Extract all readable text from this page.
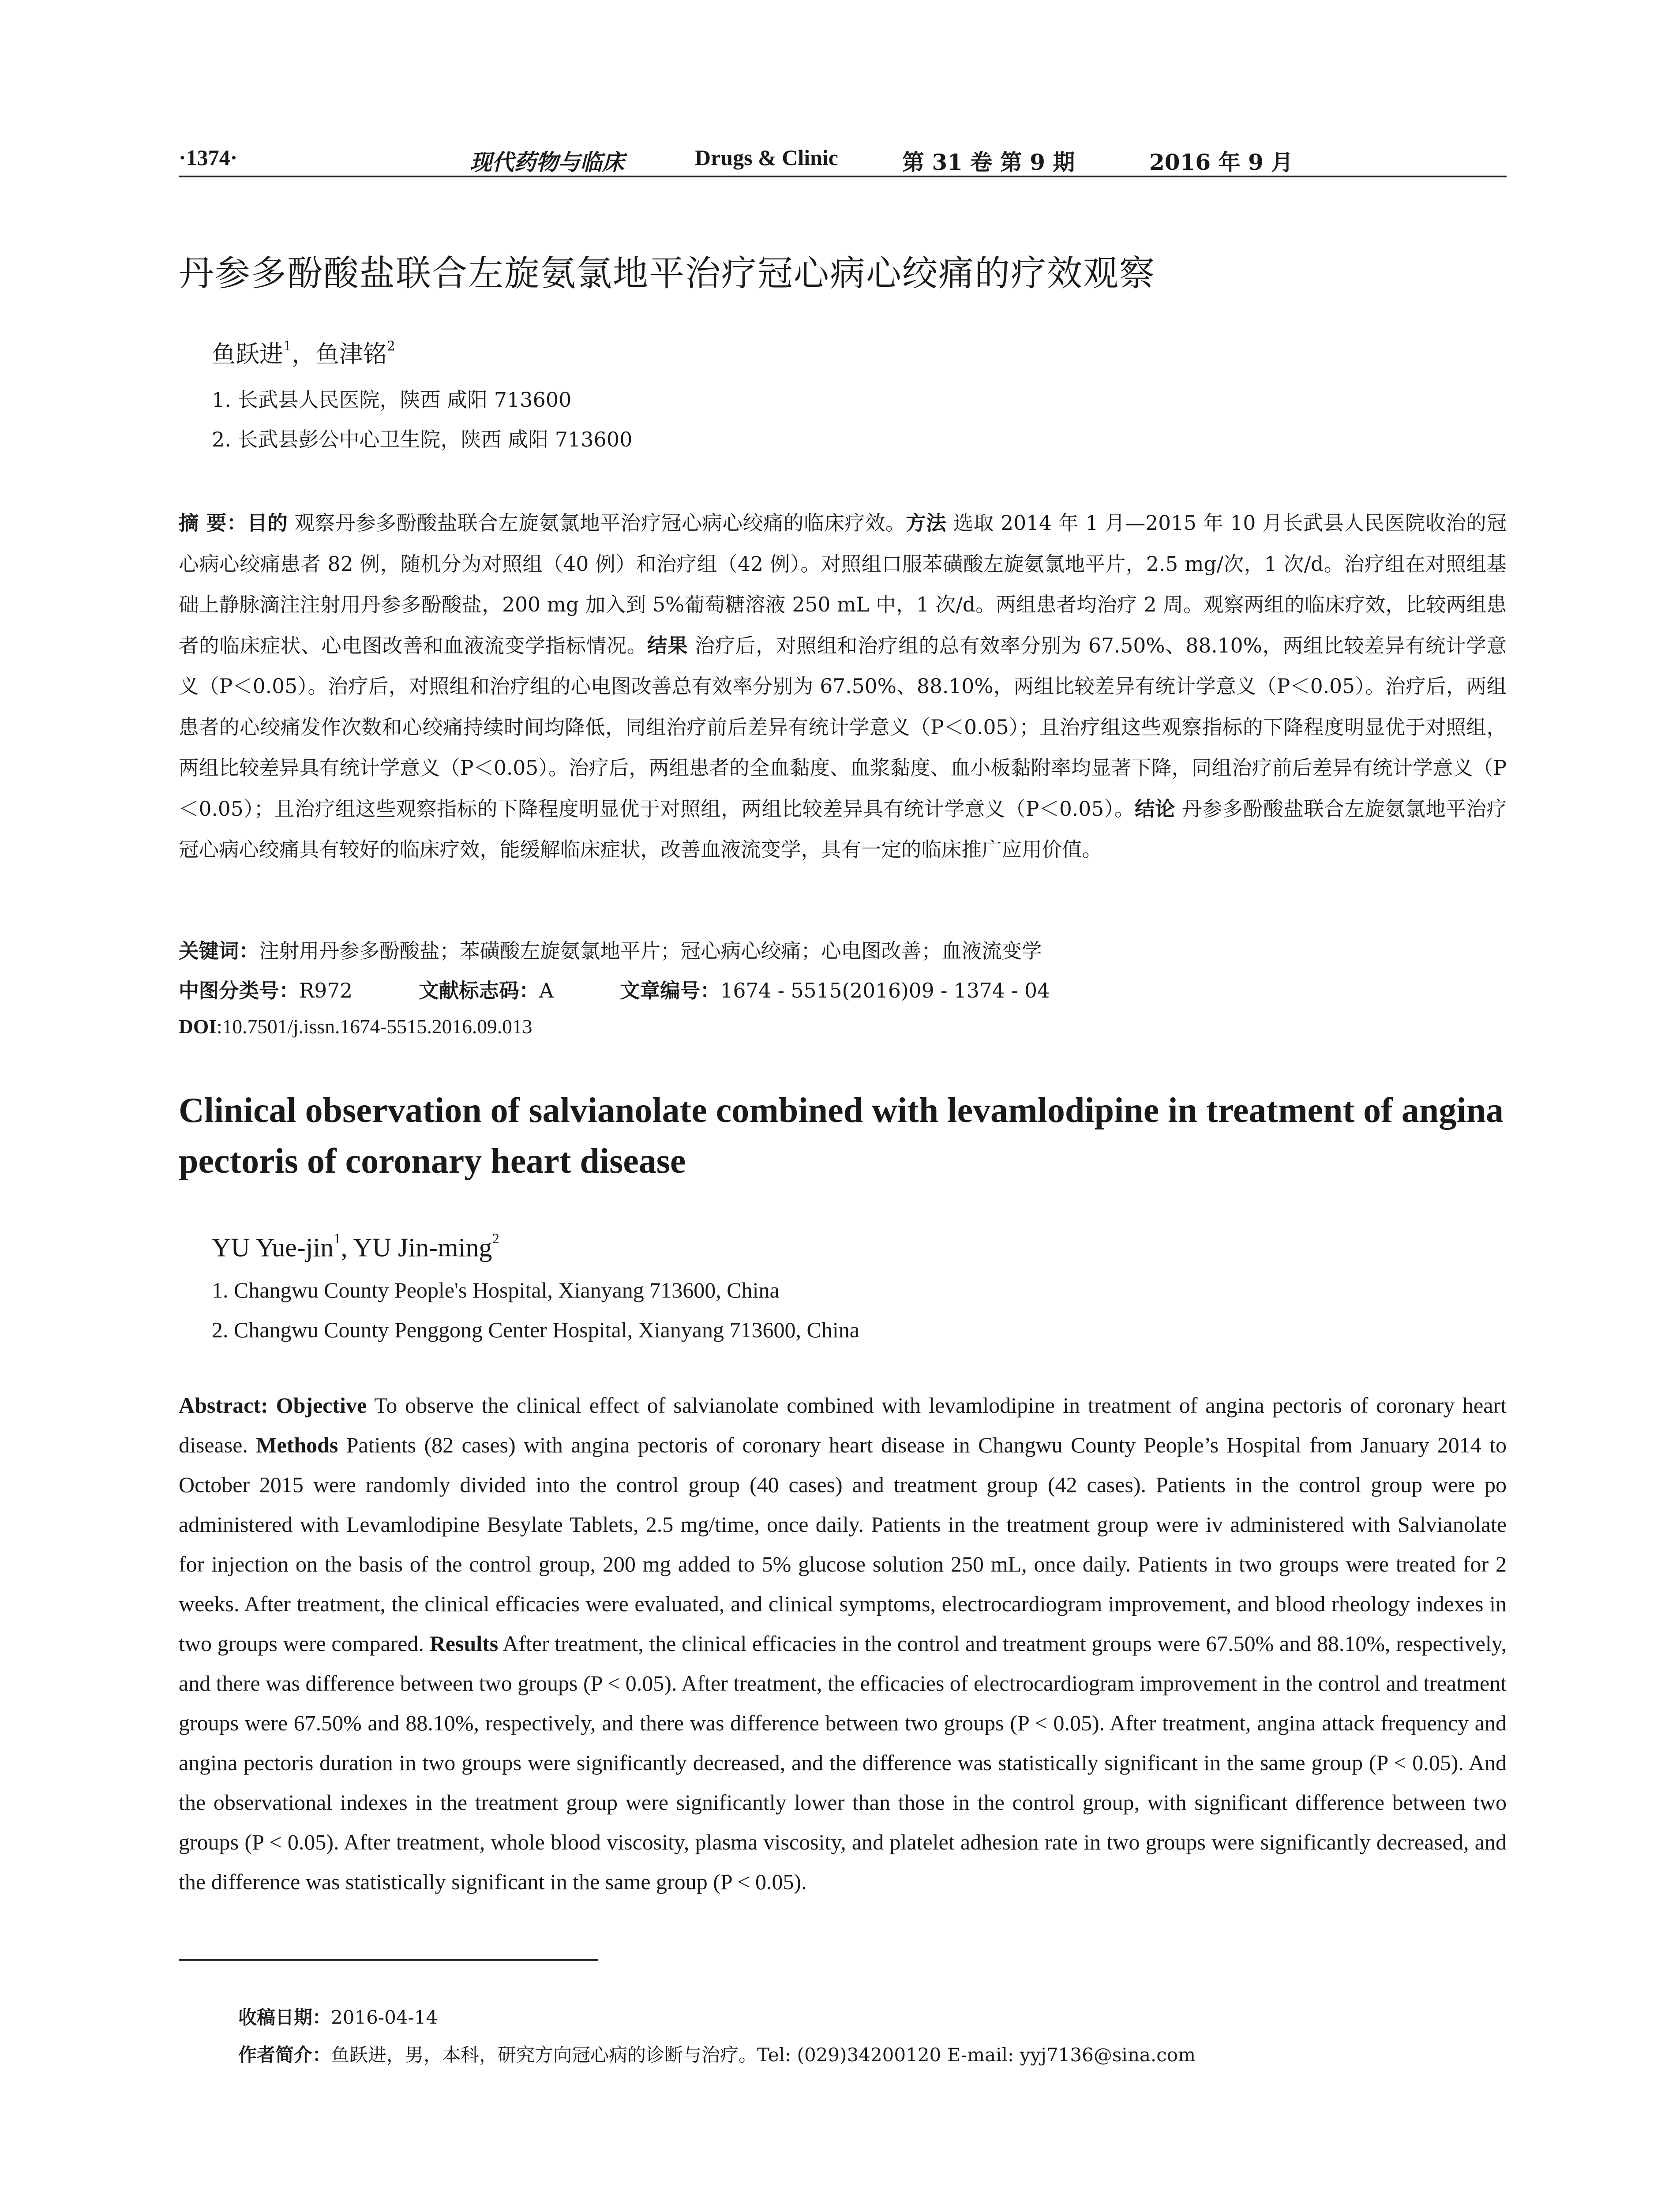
·1374·	现代药物与临床	Drugs & Clinic	第 31 卷 第 9 期	2016 年 9 月
丹参多酚酸盐联合左旋氨氯地平治疗冠心病心绞痛的疗效观察
鱼跃进$^1$，鱼津铭$^2$
1. 长武县人民医院，陕西 咸阳 713600
2. 长武县彭公中心卫生院，陕西 咸阳 713600
摘 要：目的 观察丹参多酚酸盐联合左旋氨氯地平治疗冠心病心绞痛的临床疗效。方法 选取 2014 年 1 月—2015 年 10 月长武县人民医院收治的冠心病心绞痛患者 82 例，随机分为对照组（40 例）和治疗组（42 例）。对照组口服苯磺酸左旋氨氯地平片，2.5 mg/次，1 次/d。治疗组在对照组基础上静脉滴注注射用丹参多酚酸盐，200 mg 加入到 5%葡萄糖溶液 250 mL 中，1 次/d。两组患者均治疗 2 周。观察两组的临床疗效，比较两组患者的临床症状、心电图改善和血液流变学指标情况。结果 治疗后，对照组和治疗组的总有效率分别为 67.50%、88.10%，两组比较差异有统计学意义（P＜0.05）。治疗后，对照组和治疗组的心电图改善总有效率分别为 67.50%、88.10%，两组比较差异有统计学意义（P＜0.05）。治疗后，两组患者的心绞痛发作次数和心绞痛持续时间均降低，同组治疗前后差异有统计学意义（P＜0.05）；且治疗组这些观察指标的下降程度明显优于对照组，两组比较差异具有统计学意义（P＜0.05）。治疗后，两组患者的全血黏度、血浆黏度、血小板黏附率均显著下降，同组治疗前后差异有统计学意义（P＜0.05）；且治疗组这些观察指标的下降程度明显优于对照组，两组比较差异具有统计学意义（P＜0.05）。结论 丹参多酚酸盐联合左旋氨氯地平治疗冠心病心绞痛具有较好的临床疗效，能缓解临床症状，改善血液流变学，具有一定的临床推广应用价值。
关键词：注射用丹参多酚酸盐；苯磺酸左旋氨氯地平片；冠心病心绞痛；心电图改善；血液流变学
中图分类号：R972	文献标志码：A	文章编号：1674 - 5515(2016)09 - 1374 - 04
DOI:10.7501/j.issn.1674-5515.2016.09.013
Clinical observation of salvianolate combined with levamlodipine in treatment of angina pectoris of coronary heart disease
YU Yue-jin$^1$, YU Jin-ming$^2$
1. Changwu County People's Hospital, Xianyang 713600, China
2. Changwu County Penggong Center Hospital, Xianyang 713600, China
Abstract: Objective To observe the clinical effect of salvianolate combined with levamlodipine in treatment of angina pectoris of coronary heart disease. Methods Patients (82 cases) with angina pectoris of coronary heart disease in Changwu County People’s Hospital from January 2014 to October 2015 were randomly divided into the control group (40 cases) and treatment group (42 cases). Patients in the control group were po administered with Levamlodipine Besylate Tablets, 2.5 mg/time, once daily. Patients in the treatment group were iv administered with Salvianolate for injection on the basis of the control group, 200 mg added to 5% glucose solution 250 mL, once daily. Patients in two groups were treated for 2 weeks. After treatment, the clinical efficacies were evaluated, and clinical symptoms, electrocardiogram improvement, and blood rheology indexes in two groups were compared. Results After treatment, the clinical efficacies in the control and treatment groups were 67.50% and 88.10%, respectively, and there was difference between two groups (P < 0.05). After treatment, the efficacies of electrocardiogram improvement in the control and treatment groups were 67.50% and 88.10%, respectively, and there was difference between two groups (P < 0.05). After treatment, angina attack frequency and angina pectoris duration in two groups were significantly decreased, and the difference was statistically significant in the same group (P < 0.05). And the observational indexes in the treatment group were significantly lower than those in the control group, with significant difference between two groups (P < 0.05). After treatment, whole blood viscosity, plasma viscosity, and platelet adhesion rate in two groups were significantly decreased, and the difference was statistically significant in the same group (P < 0.05).
收稿日期：2016-04-14
作者简介：鱼跃进，男，本科，研究方向冠心病的诊断与治疗。Tel: (029)34200120 E-mail: yyj7136@sina.com
